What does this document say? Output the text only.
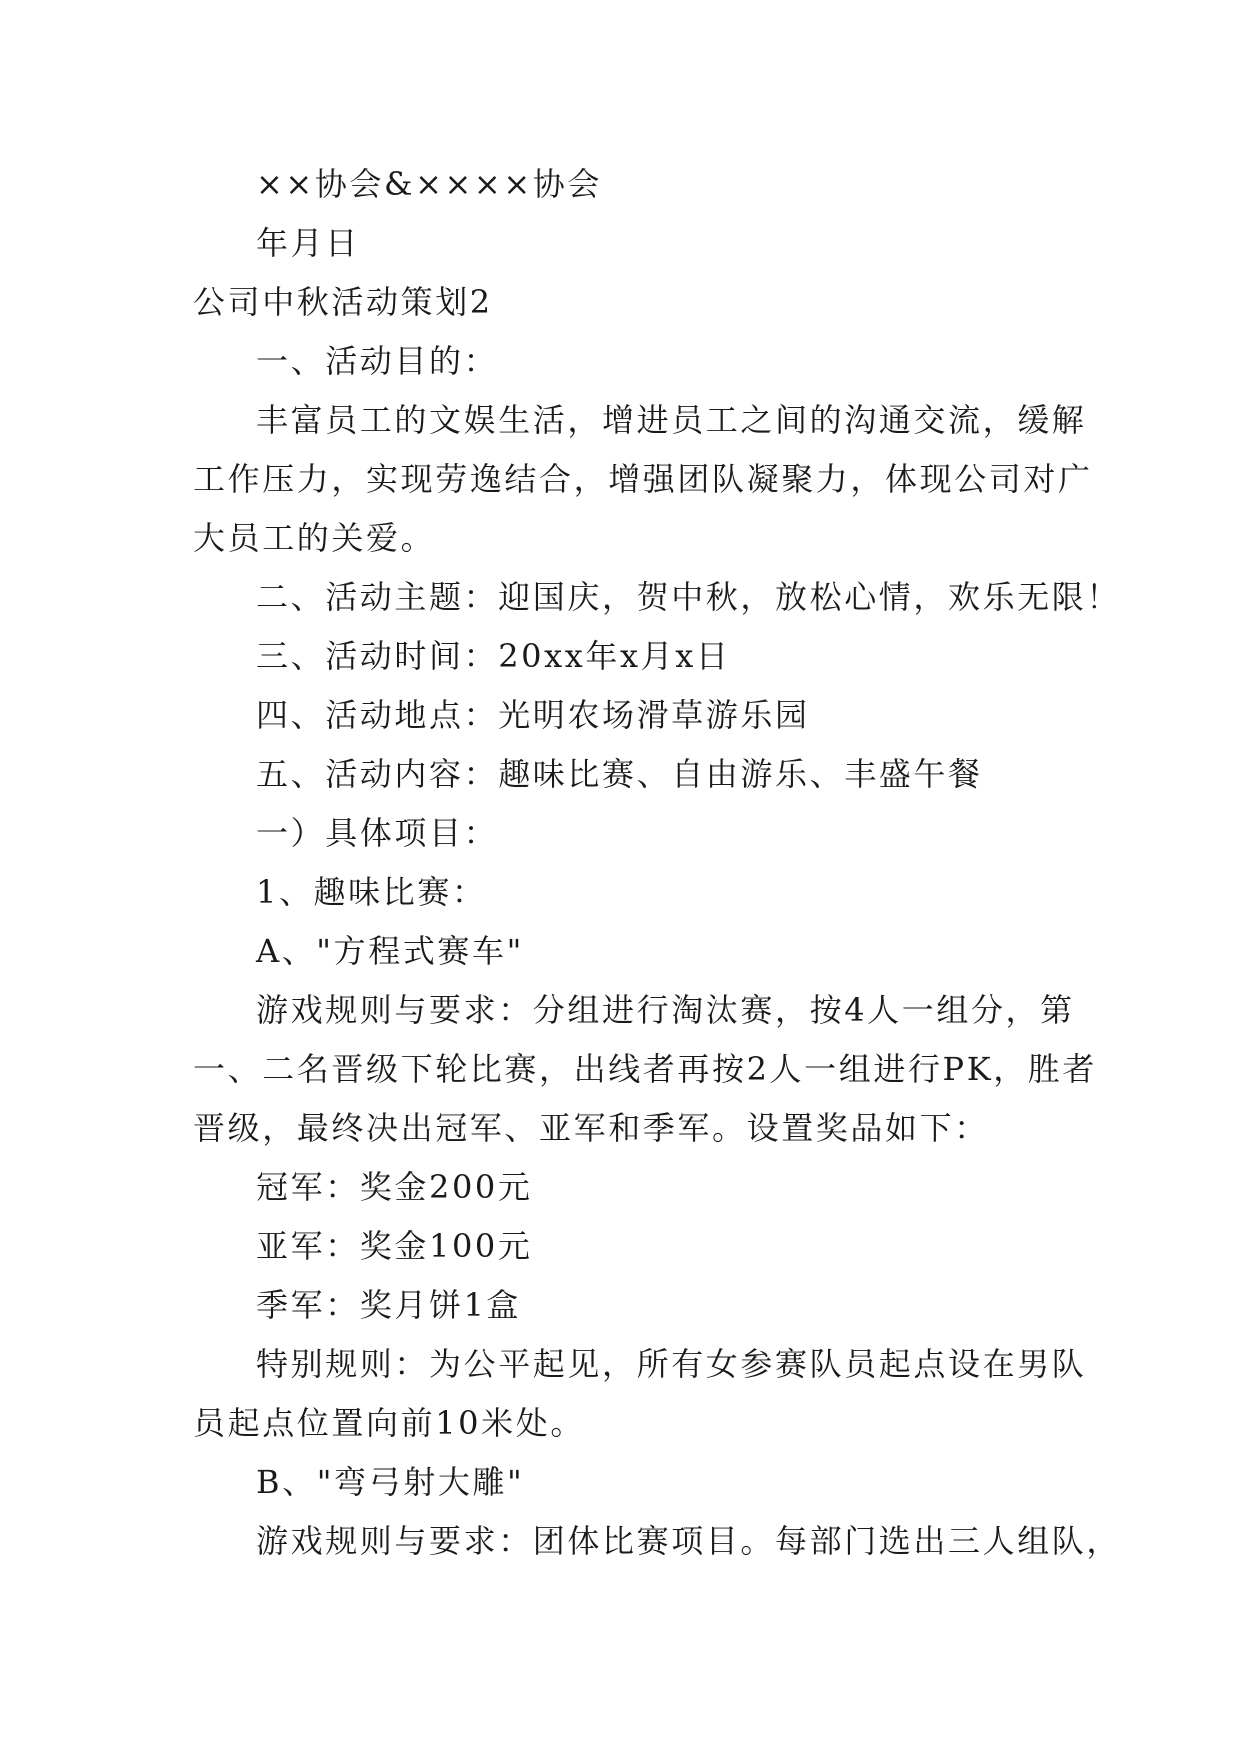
××协会&××××协会
年月日
公司中秋活动策划2
一、活动目的：
丰富员工的文娱生活，增进员工之间的沟通交流，缓解
工作压力，实现劳逸结合，增强团队凝聚力，体现公司对广
大员工的关爱。
二、活动主题：迎国庆，贺中秋，放松心情，欢乐无限！
三、活动时间：20xx年x月x日
四、活动地点：光明农场滑草游乐园
五、活动内容：趣味比赛、自由游乐、丰盛午餐
一）具体项目：
1、趣味比赛：
A、"方程式赛车"
游戏规则与要求：分组进行淘汰赛，按4人一组分，第
一、二名晋级下轮比赛，出线者再按2人一组进行PK，胜者
晋级，最终决出冠军、亚军和季军。设置奖品如下：
冠军：奖金200元
亚军：奖金100元
季军：奖月饼1盒
特别规则：为公平起见，所有女参赛队员起点设在男队
员起点位置向前10米处。
B、"弯弓射大雕"
游戏规则与要求：团体比赛项目。每部门选出三人组队，
